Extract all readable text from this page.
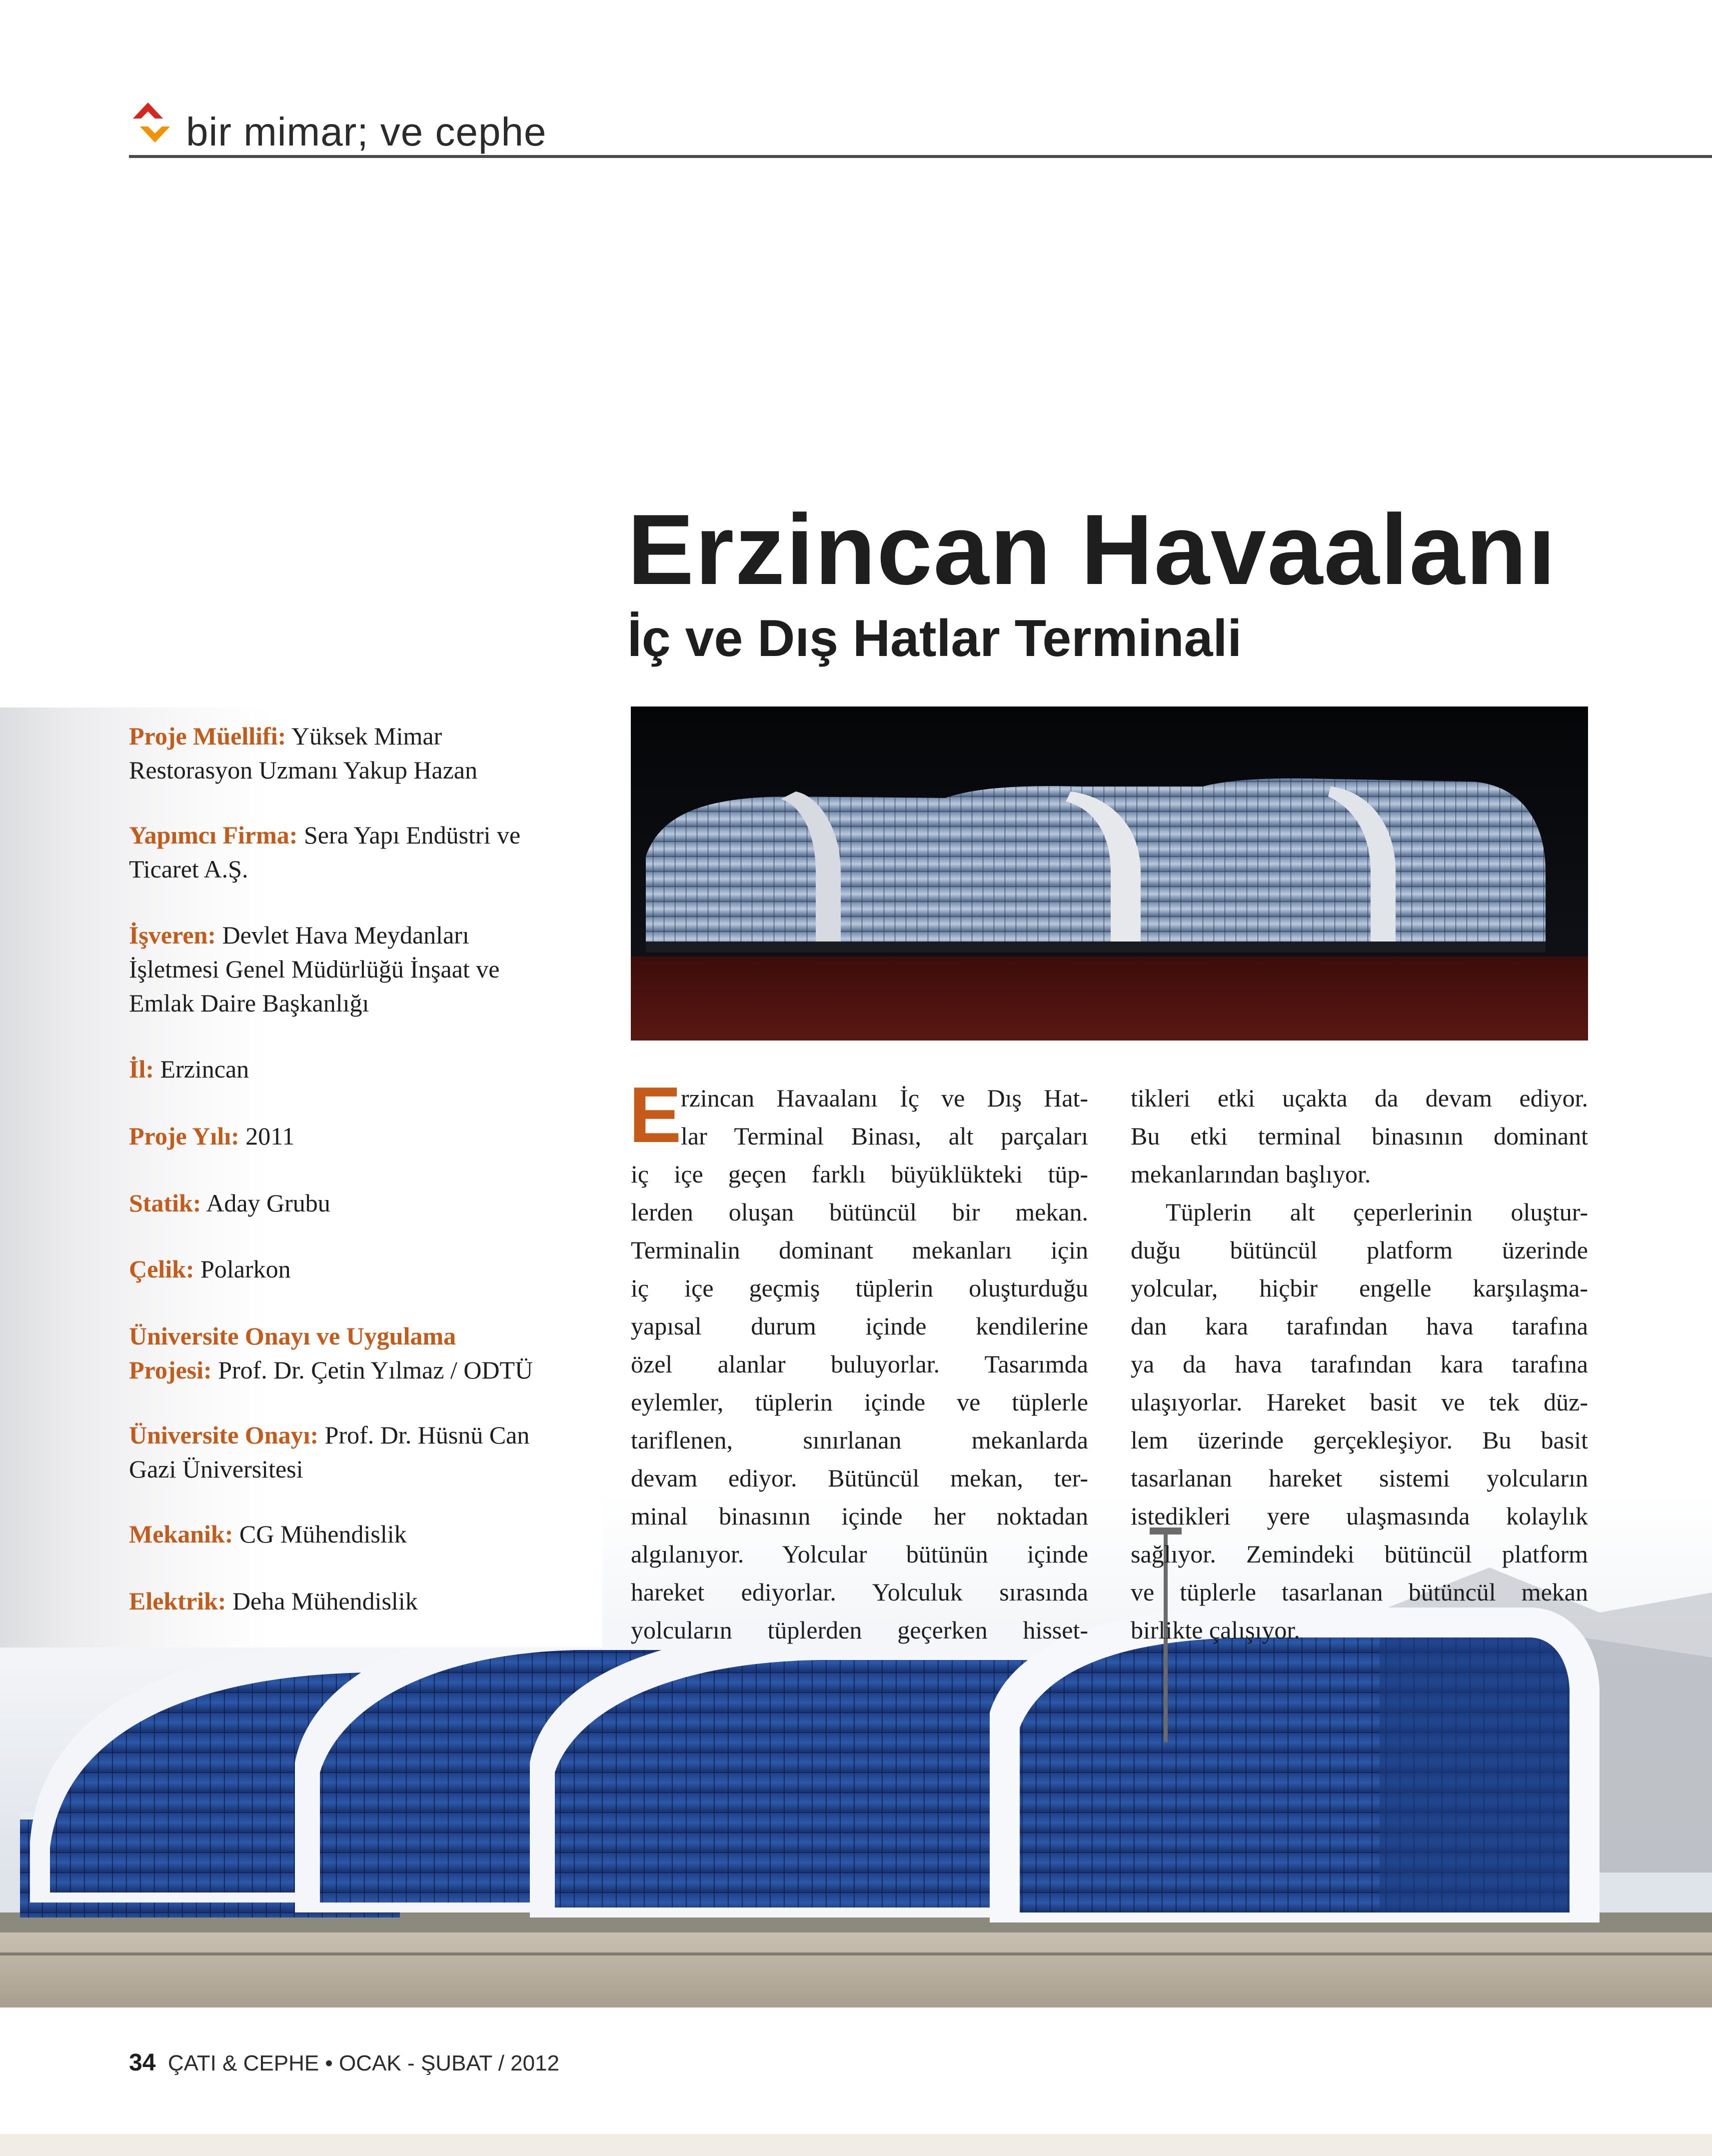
bir mimar; ve cephe
Erzincan Havaalanı
İç ve Dış Hatlar Terminali
Proje Müellifi: Yüksek Mimar
Restorasyon Uzmanı Yakup Hazan
Yapımcı Firma: Sera Yapı Endüstri ve
Ticaret A.Ş.
İşveren: Devlet Hava Meydanları
İşletmesi Genel Müdürlüğü İnşaat ve
Emlak Daire Başkanlığı
İl: Erzincan
Proje Yılı: 2011
Statik: Aday Grubu
Çelik: Polarkon
Üniversite Onayı ve Uygulama
Projesi: Prof. Dr. Çetin Yılmaz / ODTÜ
Üniversite Onayı: Prof. Dr. Hüsnü Can
Gazi Üniversitesi
Mekanik: CG Mühendislik
Elektrik: Deha Mühendislik
E
rzincan Havaalanı İç ve Dış Hat-
lar Terminal Binası, alt parçaları
iç içe geçen farklı büyüklükteki tüp-
lerden oluşan bütüncül bir mekan.
Terminalin dominant mekanları için
iç içe geçmiş tüplerin oluşturduğu
yapısal durum içinde kendilerine
özel alanlar buluyorlar. Tasarımda
eylemler, tüplerin içinde ve tüplerle
tariflenen, sınırlanan mekanlarda
devam ediyor. Bütüncül mekan, ter-
minal binasının içinde her noktadan
algılanıyor. Yolcular bütünün içinde
hareket ediyorlar. Yolculuk sırasında
yolcuların tüplerden geçerken hisset-
tikleri etki uçakta da devam ediyor.
Bu etki terminal binasının dominant
mekanlarından başlıyor.
Tüplerin alt çeperlerinin oluştur-
duğu bütüncül platform üzerinde
yolcular, hiçbir engelle karşılaşma-
dan kara tarafından hava tarafına
ya da hava tarafından kara tarafına
ulaşıyorlar. Hareket basit ve tek düz-
lem üzerinde gerçekleşiyor. Bu basit
tasarlanan hareket sistemi yolcuların
istedikleri yere ulaşmasında kolaylık
sağlıyor. Zemindeki bütüncül platform
ve tüplerle tasarlanan bütüncül mekan
birlikte çalışıyor.
34 ÇATI & CEPHE • OCAK - ŞUBAT / 2012
